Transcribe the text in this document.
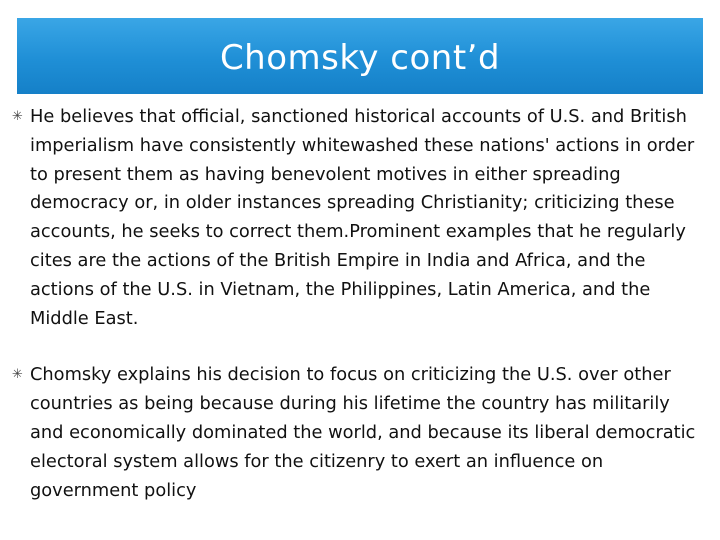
Chomsky cont’d
✳ He believes that official, sanctioned historical accounts of U.S. and British imperialism have consistently whitewashed these nations' actions in order to present them as having benevolent motives in either spreading democracy or, in older instances spreading Christianity; criticizing these accounts, he seeks to correct them.Prominent examples that he regularly cites are the actions of the British Empire in India and Africa, and the actions of the U.S. in Vietnam, the Philippines, Latin America, and the Middle East.
✳ Chomsky explains his decision to focus on criticizing the U.S. over other countries as being because during his lifetime the country has militarily and economically dominated the world, and because its liberal democratic electoral system allows for the citizenry to exert an influence on government policy
